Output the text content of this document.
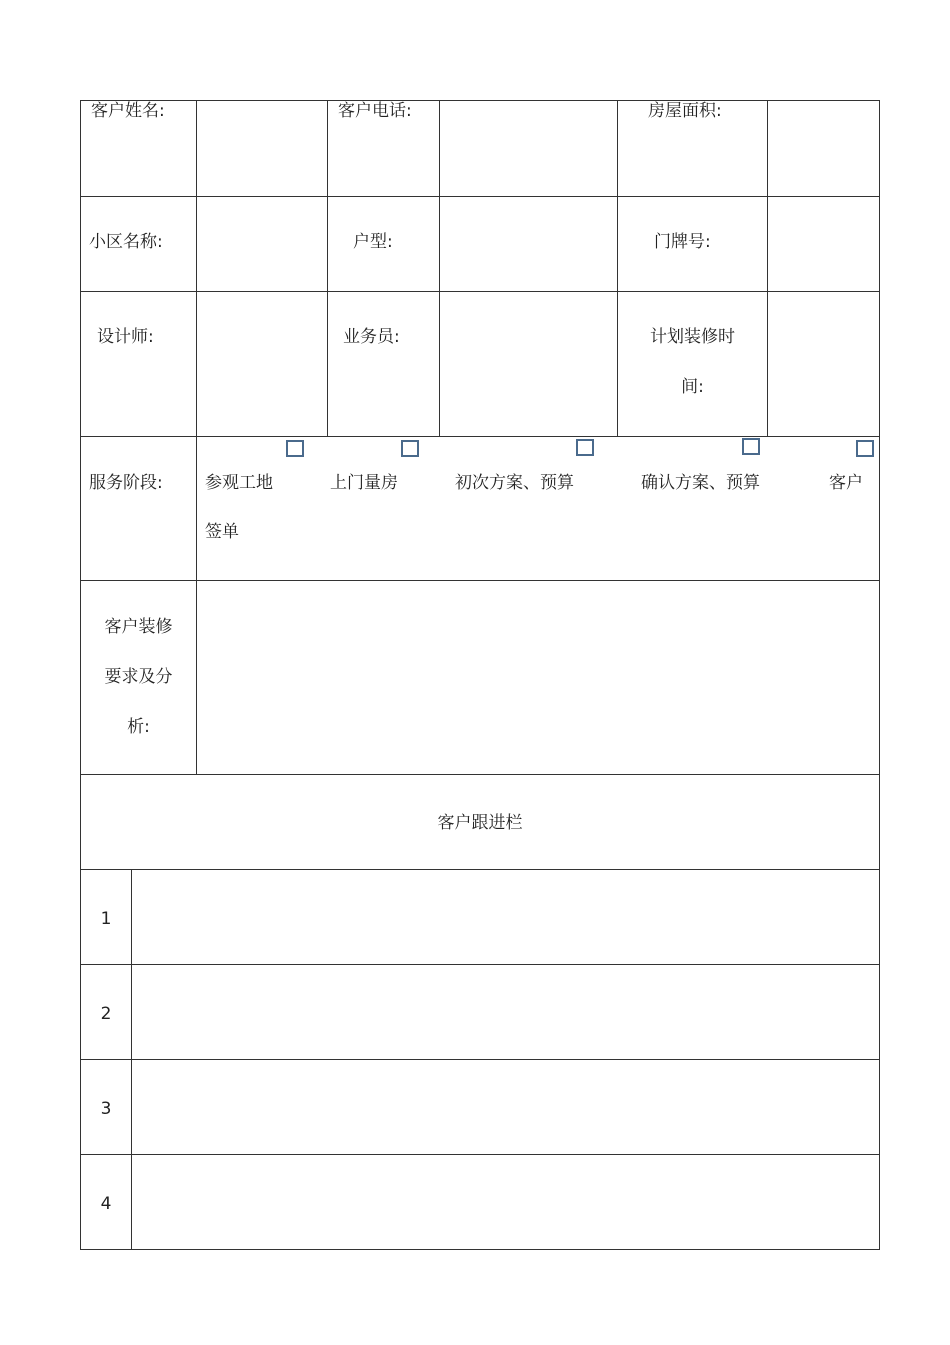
客户姓名:	客户电话:	房屋面积:
小区名称:	户型:	门牌号:
设计师:	业务员:	计划装修时
间:
服务阶段: 参观工地	上门量房	初次方案、预算	确认方案、预算	客户
签单
客户装修
要求及分
析:
客户跟进栏
1
2
3
4
